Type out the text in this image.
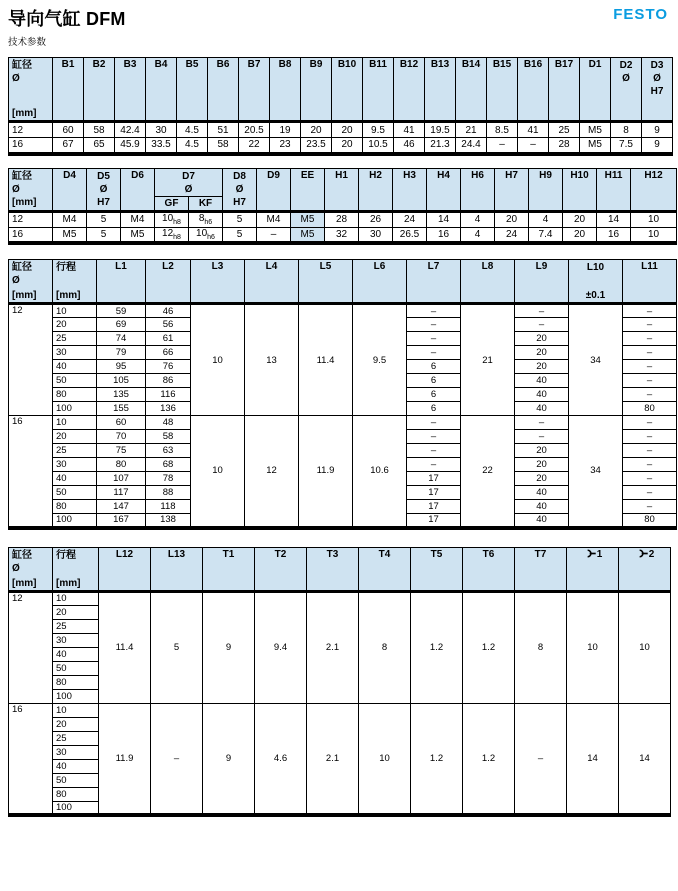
导向气缸 DFM
技术参数
FESTO
缸径
Ø
[mm]
	B1	B2	B3	B4	B5	B6	B7	B8	B9	B10	B11	B12	B13	B14	B15	B16	B17	D1	D2
Ø

D3
Ø
H7

12	60	58	42.4	30	4.5	51	20.5	19	20	20	9.5	41	19.5	21	8.5	41	25	M5	8	9
16	67	65	45.9	33.5	4.5	58	22	23	23.5	20	10.5	46	21.3	24.4	–	–	28	M5	7.5	9
缸径
Ø
[mm]
	D4	D5
Ø
H7
	D6	D7
Ø

D8
Ø
H7
	D9	EE	H1	H2	H3	H4	H6	H7	H9	H10	H11	H12
				GF	KF													
12	M4	5	M4	$10_{h8}$	$8_{h6}$	5	M4	M5	28	26	24	14	4	20	4	20	14	10
16	M5	5	M5	$12_{h8}$	$10_{h6}$	5	–	M5	32	30	26.5	16	4	24	7.4	20	16	10
缸径
Ø
[mm]

行程
[mm]
	L1	L2	L3	L4	L5	L6	L7	L8	L9	L10
±0.1
	L11
12	10	59	46	10	13	11.4	9.5	–	21	–	34	–
	20	69	56					–		–		–
	25	74	61					–		20		–
	30	79	66					–		20		–
	40	95	76					6		20		–
	50	105	86					6		40		–
	80	135	116					6		40		–
	100	155	136					6		40		80
16	10	60	48	10	12	11.9	10.6	–	22	–	34	–
	20	70	58					–		–		–
	25	75	63					–		20		–
	30	80	68					–		20		–
	40	107	78					17		20		–
	50	117	88					17		40		–
	80	147	118					17		40		–
	100	167	138					17		40		80
缸径
Ø
[mm]

行程
[mm]
	L12	L13	T1	T2	T3	T4	T5	T6	T7	1	2
12	10	11.4	5	9	9.4	2.1	8	1.2	1.2	8	10	10
	20											
	25											
	30											
	40											
	50											
	80											
	100											
16	10	11.9	–	9	4.6	2.1	10	1.2	1.2	–	14	14
	20											
	25											
	30											
	40											
	50											
	80											
	100											
